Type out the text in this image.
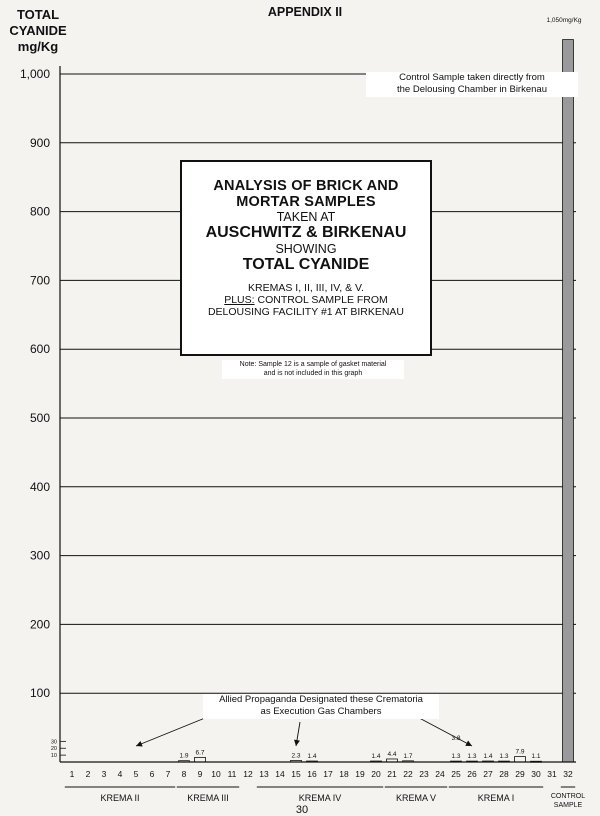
100
200
300
400
500
600
700
800
900
1,000
10
20
30
1 2 3 4 5 6 7
1.9
8
6.7
9 10 11 12 13 14
2.3
15
1.4
16 17 18 19
1.4
20
4.4
21
1.7
22 23 24
1.3
25
1.3
26
1.4
27
1.3
28
7.9
29
1.1
30 31
1,050mg/Kg
32
3.8
KREMA II	KREMA III	KREMA IV	KREMA V	KREMA I	CONTROL
SAMPLE
APPENDIX II
TOTAL
CYANIDE
mg/Kg
30
ANALYSIS OF BRICK AND
MORTAR SAMPLES
TAKEN AT
AUSCHWITZ & BIRKENAU
SHOWING
TOTAL CYANIDE
KREMAS I, II, III, IV, & V.
PLUS: CONTROL SAMPLE FROM
DELOUSING FACILITY #1 AT BIRKENAU
Note: Sample 12 is a sample of gasket material
and is not included in this graph
Control Sample taken directly from
the Delousing Chamber in Birkenau
Allied Propaganda Designated these Crematoria
as Execution Gas Chambers
